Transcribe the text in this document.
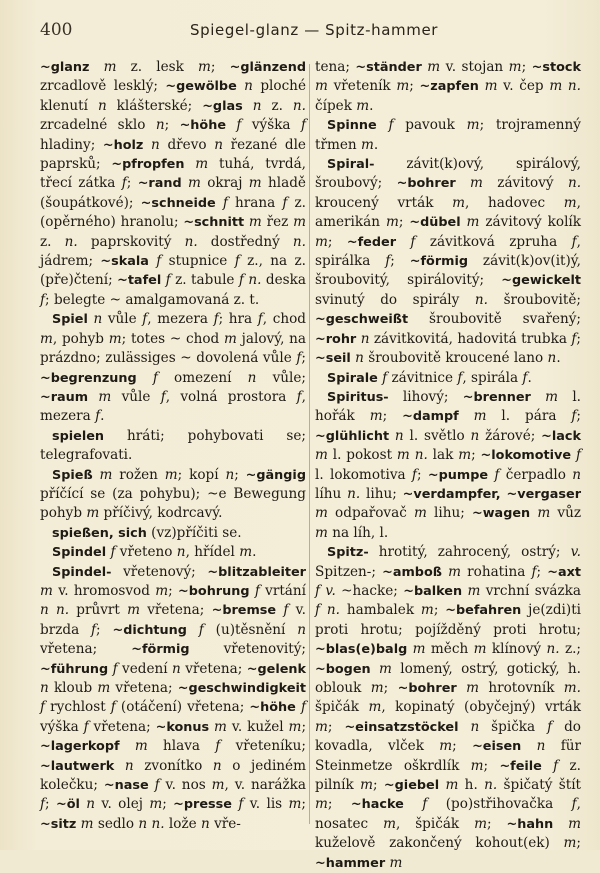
400	Spiegel-glanz — Spitz-hammer

~glanz m z. lesk m; ~glänzend zrcadlově lesklý; ~gewölbe n ploché klenutí n klášterské; ~glas n z. n. zrcadelné sklo n; ~höhe f výška f hladiny; ~holz n dřevo n řezané dle paprsků; ~pfropfen m tuhá, tvrdá, třecí zátka f; ~rand m okraj m hladě (šoupátkové); ~schneide f hrana f z. (opěrného) hranolu; ~schnitt m řez m z. n. paprskovitý n. dostředný n. jádrem; ~skala f stupnice f z., na z. (pře)čtení; ~tafel f z. tabule f n. deska f; belegte ~ amalgamovaná z. t.

Spiel n vůle f, mezera f; hra f, chod m, pohyb m; totes ~ chod m jalový, na prázdno; zulässiges ~ dovolená vůle f; ~begrenzung f omezení n vůle; ~raum m vůle f, volná prostora f, mezera f.

spielen hráti; pohybovati se; telegrafovati.

Spieß m rožen m; kopí n; ~gängig příčící se (za pohybu); ~e Bewegung pohyb m příčivý, kodrcavý.

spießen, sich (vz)příčiti se.

Spindel f vřeteno n, hřídel m.

Spindel- vřetenový; ~blitzableiter m v. hromosvod m; ~bohrung f vrtání n n. průvrt m vřetena; ~bremse f v. brzda f; ~dichtung f (u)těsnění n vřetena; ~förmig vřetenovitý; ~führung f vedení n vřetena; ~gelenk n kloub m vřetena; ~geschwindigkeit f rychlost f (otáčení) vřetena; ~höhe f výška f vřetena; ~konus m v. kužel m; ~lagerkopf m hlava f vřeteníku; ~lautwerk n zvonítko n o jediném kolečku; ~nase f v. nos m, v. narážka f; ~öl n v. olej m; ~presse f v. lis m; ~sitz m sedlo n n. lože n vře-

tena; ~ständer m v. stojan m; ~stock m vřeteník m; ~zapfen m v. čep m n. čípek m.

Spinne f pavouk m; trojramenný třmen m.

Spiral- závit(k)ový, spirálový, šroubový; ~bohrer m závitový n. kroucený vrták m, hadovec m, amerikán m; ~dübel m závitový kolík m; ~feder f závitková zpruha f, spirálka f; ~förmig závit(k)ov(it)ý, šroubovitý, spirálovitý; ~gewickelt svinutý do spirály n. šroubovitě; ~geschweißt šroubovitě svařený; ~rohr n závitkovitá, hadovitá trubka f; ~seil n šroubovitě kroucené lano n.

Spirale f závitnice f, spirála f.

Spiritus- lihový; ~brenner m l. hořák m; ~dampf m l. pára f; ~glühlicht n l. světlo n žárové; ~lack m l. pokost m n. lak m; ~lokomotive f l. lokomotiva f; ~pumpe f čerpadlo n líhu n. lihu; ~verdampfer, ~vergaser m odpařovač m lihu; ~wagen m vůz m na líh, l.

Spitz- hrotitý, zahrocený, ostrý; v. Spitzen-; ~amboß m rohatina f; ~axt f v. ~hacke; ~balken m vrchní svázka f n. hambalek m; ~befahren je(zdi)ti proti hrotu; pojížděný proti hrotu; ~blas(e)balg m měch m klínový n. z.; ~bogen m lomený, ostrý, gotický, h. oblouk m; ~bohrer m hrotovník m. špičák m, kopinatý (obyčejný) vrták m; ~einsatzstöckel n špička f do kovadla, vlček m; ~eisen n für Steinmetze oškrdlík m; ~feile f z. pilník m; ~giebel m h. n. špičatý štít m; ~hacke f (po)střihovačka f, nosatec m, špičák m; ~hahn m kuželově zakončený kohout(ek) m; ~hammer m
